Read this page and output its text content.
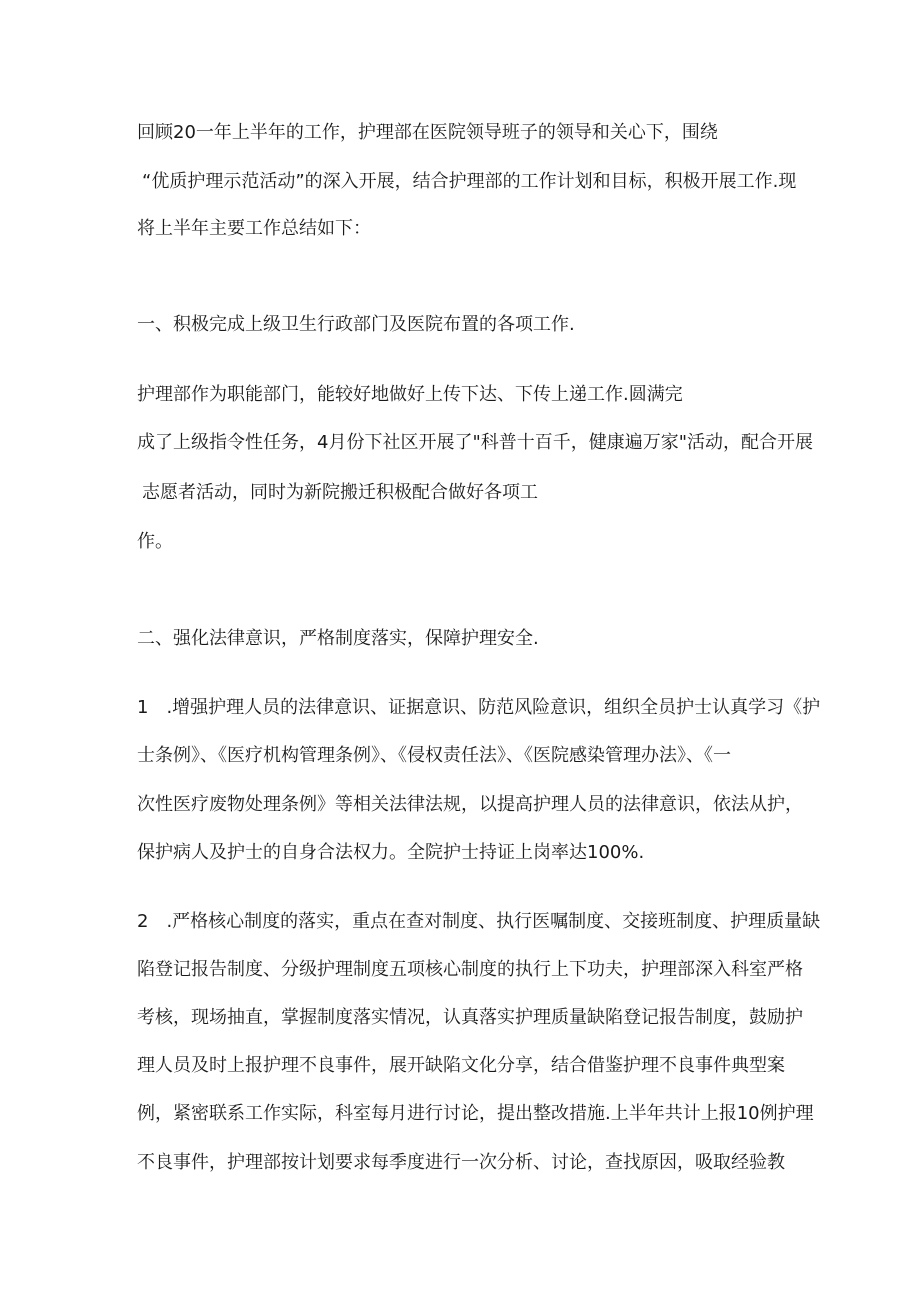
回顾20一年上半年的工作，护理部在医院领导班子的领导和关心下，围绕
“优质护理示范活动”的深入开展，结合护理部的工作计划和目标，积极开展工作.现
将上半年主要工作总结如下：
一、积极完成上级卫生行政部门及医院布置的各项工作.
护理部作为职能部门，能较好地做好上传下达、下传上递工作.圆满完
成了上级指令性任务，4月份下社区开展了"科普十百千，健康遍万家"活动，配合开展
志愿者活动，同时为新院搬迁积极配合做好各项工
作。
二、强化法律意识，严格制度落实，保障护理安全.
1　.增强护理人员的法律意识、证据意识、防范风险意识，组织全员护士认真学习《护
士条例》、《医疗机构管理条例》、《侵权责任法》、《医院感染管理办法》、《一
次性医疗废物处理条例》等相关法律法规，以提高护理人员的法律意识，依法从护，
保护病人及护士的自身合法权力。全院护士持证上岗率达100%.
2　.严格核心制度的落实，重点在查对制度、执行医嘱制度、交接班制度、护理质量缺
陷登记报告制度、分级护理制度五项核心制度的执行上下功夫，护理部深入科室严格
考核，现场抽直，掌握制度落实情况，认真落实护理质量缺陷登记报告制度，鼓励护
理人员及时上报护理不良事件，展开缺陷文化分享，结合借鉴护理不良事件典型案
例，紧密联系工作实际，科室每月进行讨论，提出整改措施.上半年共计上报10例护理
不良事件，护理部按计划要求每季度进行一次分析、讨论，查找原因，吸取经验教
